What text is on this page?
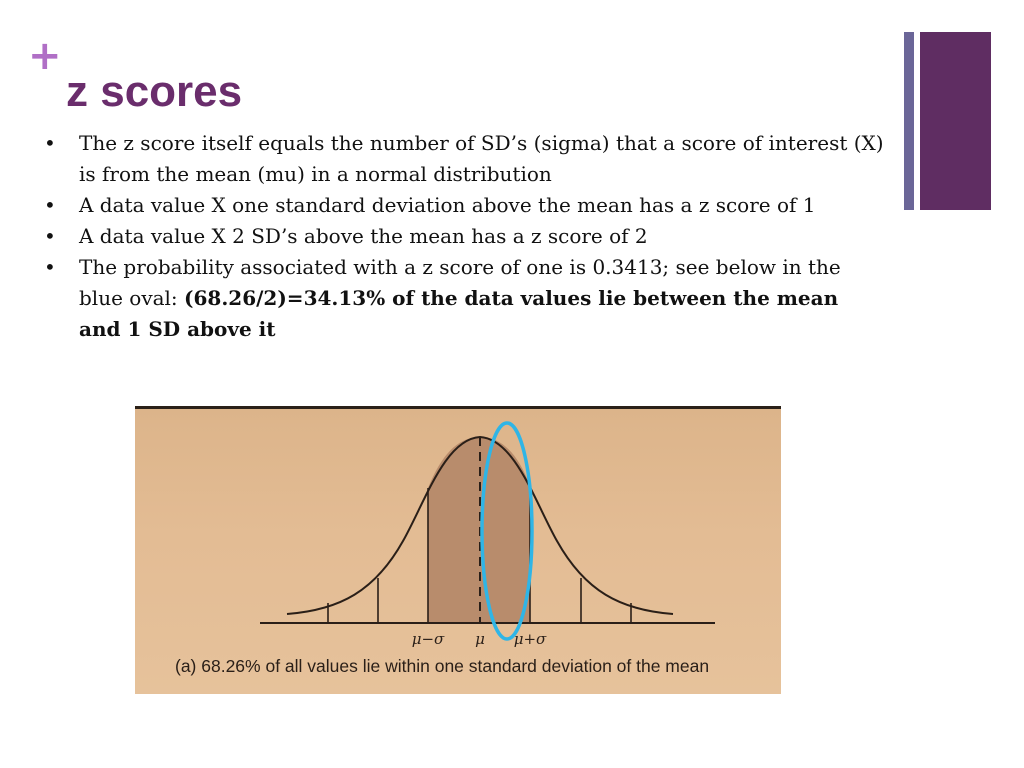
+
z scores
• The z score itself equals the number of SD’s (sigma) that a score of interest (X) is from the mean (mu) in a normal distribution
• A data value X one standard deviation above the mean has a z score of 1
• A data value X 2 SD’s above the mean has a z score of 2
• The probability associated with a z score of one is 0.3413; see below in the blue oval: (68.26/2)=34.13% of the data values lie between the mean and 1 SD above it
μ−σ μ μ+σ
(a) 68.26% of all values lie within one standard deviation of the mean
